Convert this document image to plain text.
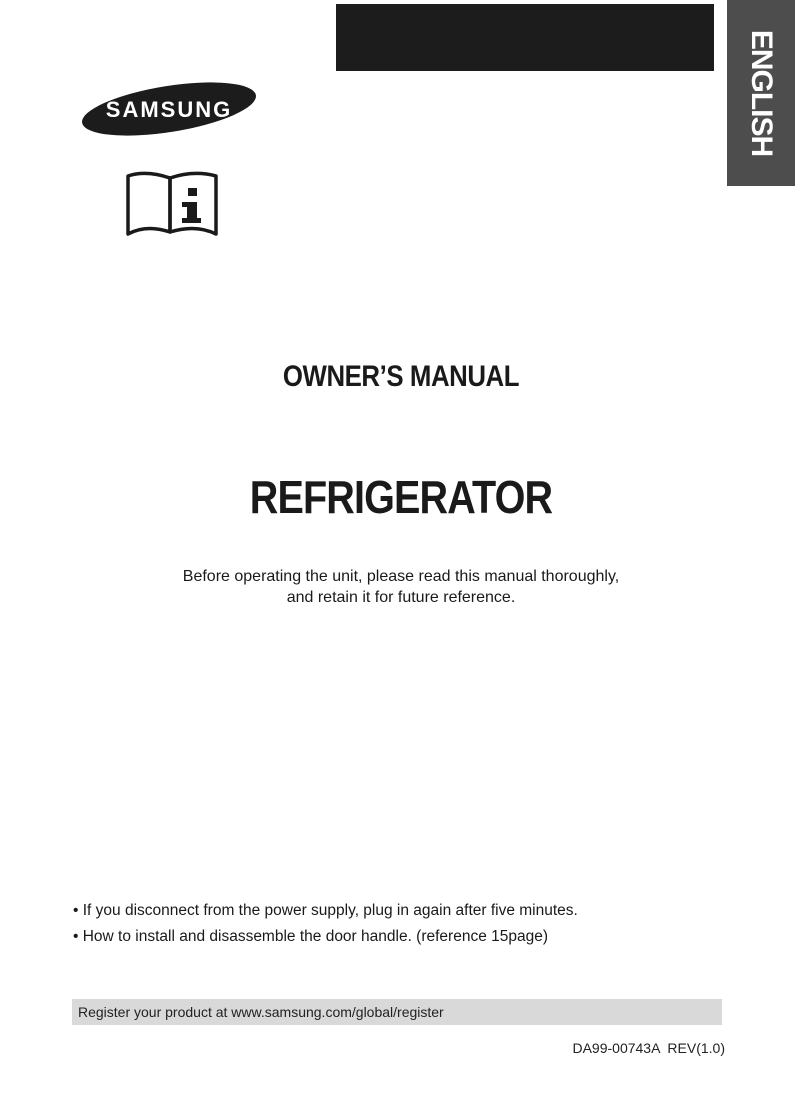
ENGLISH
SAMSUNG
OWNER’S MANUAL
REFRIGERATOR
Before operating the unit, please read this manual thoroughly,
and retain it for future reference.
• If you disconnect from the power supply, plug in again after five minutes.
• How to install and disassemble the door handle. (reference 15page)
Register your product at www.samsung.com/global/register
DA99-00743A  REV(1.0)
